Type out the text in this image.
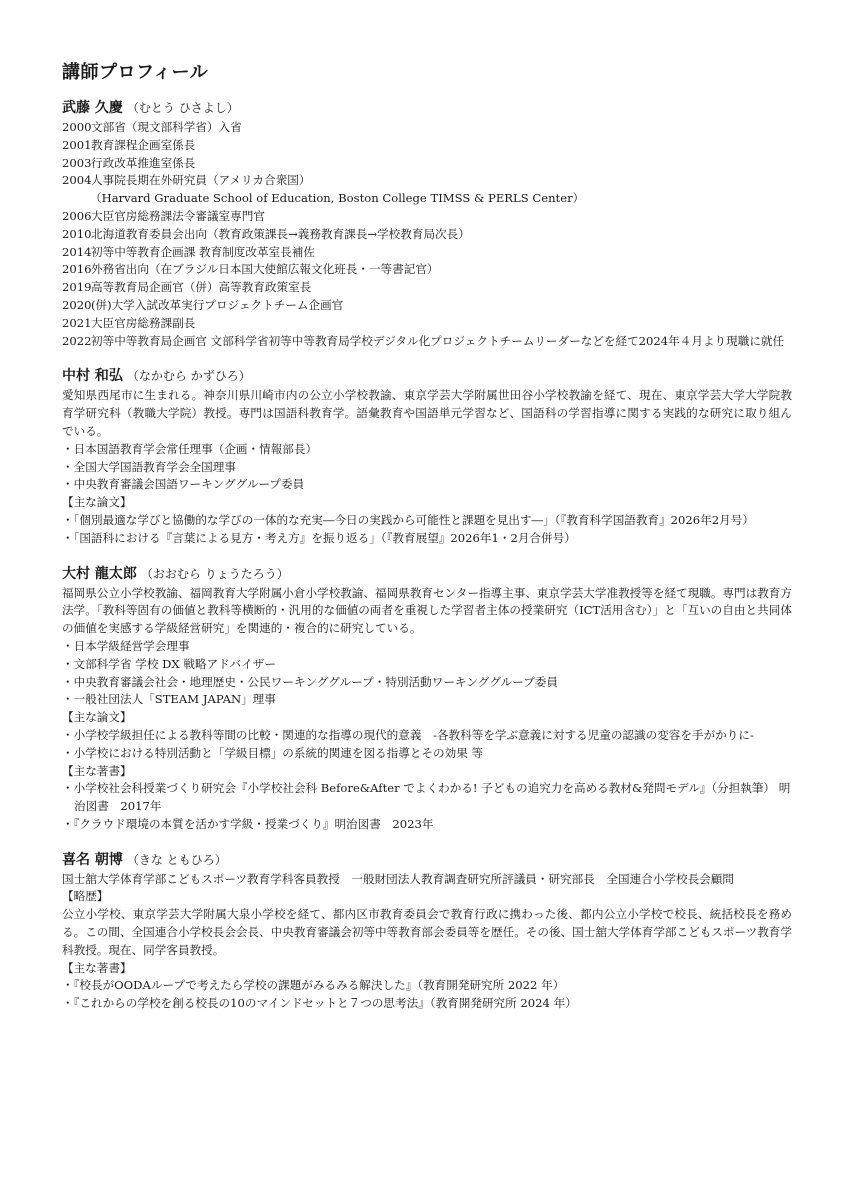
講師プロフィール
武藤 久慶 （むとう ひさよし）
2000 文部省（現文部科学省）入省
2001 教育課程企画室係長
2003 行政改革推進室係長
2004 人事院長期在外研究員（アメリカ合衆国）
（Harvard Graduate School of Education, Boston College TIMSS & PERLS Center）
2006 大臣官房総務課法令審議室専門官
2010 北海道教育委員会出向（教育政策課長→義務教育課長→学校教育局次長）
2014 初等中等教育企画課 教育制度改革室長補佐
2016 外務省出向（在ブラジル日本国大使館広報文化班長・一等書記官）
2019 高等教育局企画官（併）高等教育政策室長
2020 (併)大学入試改革実行プロジェクトチーム企画官
2021 大臣官房総務課副長
2022 初等中等教育局企画官 文部科学省初等中等教育局学校デジタル化プロジェクトチームリーダーなどを経て2024年４月より現職に就任
中村 和弘 （なかむら かずひろ）
愛知県西尾市に生まれる。神奈川県川崎市内の公立小学校教諭、東京学芸大学附属世田谷小学校教諭を経て、現在、東京学芸大学大学院教育学研究科（教職大学院）教授。専門は国語科教育学。語彙教育や国語単元学習など、国語科の学習指導に関する実践的な研究に取り組んでいる。
・日本国語教育学会常任理事（企画・情報部長）
・全国大学国語教育学会全国理事
・中央教育審議会国語ワーキンググループ委員
【主な論文】
・「個別最適な学びと協働的な学びの一体的な充実―今日の実践から可能性と課題を見出す―」（『教育科学国語教育』2026年2月号）
・「国語科における『言葉による見方・考え方』を振り返る」（『教育展望』2026年1・2月合併号）
大村 龍太郎 （おおむら りょうたろう）
福岡県公立小学校教諭、福岡教育大学附属小倉小学校教諭、福岡県教育センター指導主事、東京学芸大学准教授等を経て現職。専門は教育方法学。「教科等固有の価値と教科等横断的・汎用的な価値の両者を重視した学習者主体の授業研究（ICT活用含む）」と「互いの自由と共同体の価値を実感する学級経営研究」を関連的・複合的に研究している。
・日本学級経営学会理事
・文部科学省 学校 DX 戦略アドバイザー
・中央教育審議会社会・地理歴史・公民ワーキンググループ・特別活動ワーキンググループ委員
・一般社団法人「STEAM JAPAN」理事
【主な論文】
・小学校学級担任による教科等間の比較・関連的な指導の現代的意義　‐各教科等を学ぶ意義に対する児童の認識の変容を手がかりに‐
・小学校における特別活動と「学級目標」の系統的関連を図る指導とその効果 等
【主な著書】
・小学校社会科授業づくり研究会『小学校社会科 Before&After でよくわかる! 子どもの追究力を高める教材&発問モデル』（分担執筆） 明治図書　2017年
・『クラウド環境の本質を活かす学級・授業づくり』明治図書　2023年
喜名 朝博 （きな ともひろ）
国士舘大学体育学部こどもスポーツ教育学科客員教授　一般財団法人教育調査研究所評議員・研究部長　全国連合小学校長会顧問
【略歴】
公立小学校、東京学芸大学附属大泉小学校を経て、都内区市教育委員会で教育行政に携わった後、都内公立小学校で校長、統括校長を務める。この間、全国連合小学校長会会長、中央教育審議会初等中等教育部会委員等を歴任。その後、国士舘大学体育学部こどもスポーツ教育学科教授。現在、同学客員教授。
【主な著書】
・『校長がOODAループで考えたら学校の課題がみるみる解決した』（教育開発研究所 2022 年）
・『これからの学校を創る校長の10のマインドセットと７つの思考法』（教育開発研究所 2024 年）
